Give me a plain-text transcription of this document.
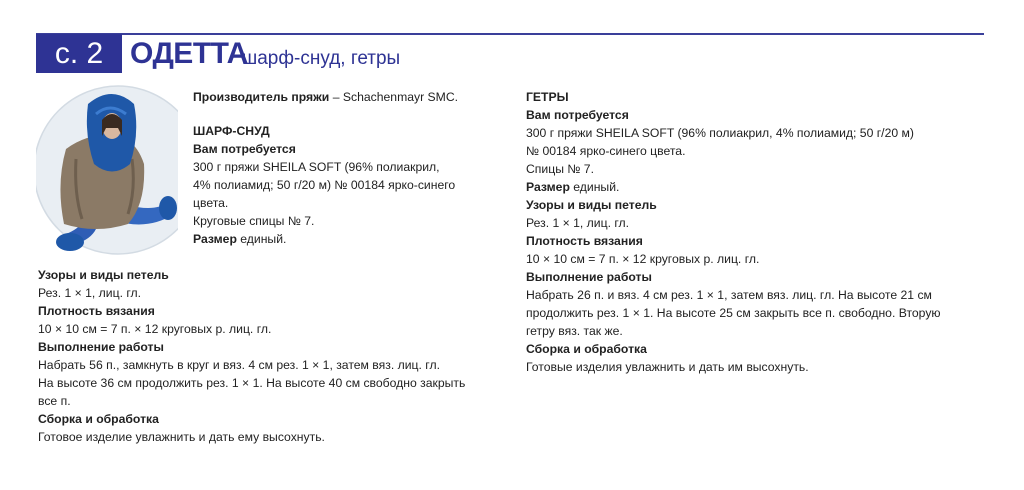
с. 2 ОДЕТТА
шарф-снуд, гетры

Производитель пряжи – Schachenmayr SMC.

ШАРФ-СНУД

Вам потребуется

300 г пряжи SHEILA SOFT (96% полиакрил,

4% полиамид; 50 г/20 м) № 00184 ярко-синего

цвета.

Круговые спицы № 7.

Размер единый.

Узоры и виды петель

Рез. 1 × 1, лиц. гл.

Плотность вязания

10 × 10 см = 7 п. × 12 круговых р. лиц. гл.

Выполнение работы

Набрать 56 п., замкнуть в круг и вяз. 4 см рез. 1 × 1, затем вяз. лиц. гл.

На высоте 36 см продолжить рез. 1 × 1. На высоте 40 см свободно закрыть

все п.

Сборка и обработка

Готовое изделие увлажнить и дать ему высохнуть.

ГЕТРЫ

Вам потребуется

300 г пряжи SHEILA SOFT (96% полиакрил, 4% полиамид; 50 г/20 м)

№ 00184 ярко-синего цвета.

Спицы № 7.

Размер единый.

Узоры и виды петель

Рез. 1 × 1, лиц. гл.

Плотность вязания

10 × 10 см = 7 п. × 12 круговых р. лиц. гл.

Выполнение работы

Набрать 26 п. и вяз. 4 см рез. 1 × 1, затем вяз. лиц. гл. На высоте 21 см

продолжить рез. 1 × 1. На высоте 25 см закрыть все п. свободно. Вторую

гетру вяз. так же.

Сборка и обработка

Готовые изделия увлажнить и дать им высохнуть.
